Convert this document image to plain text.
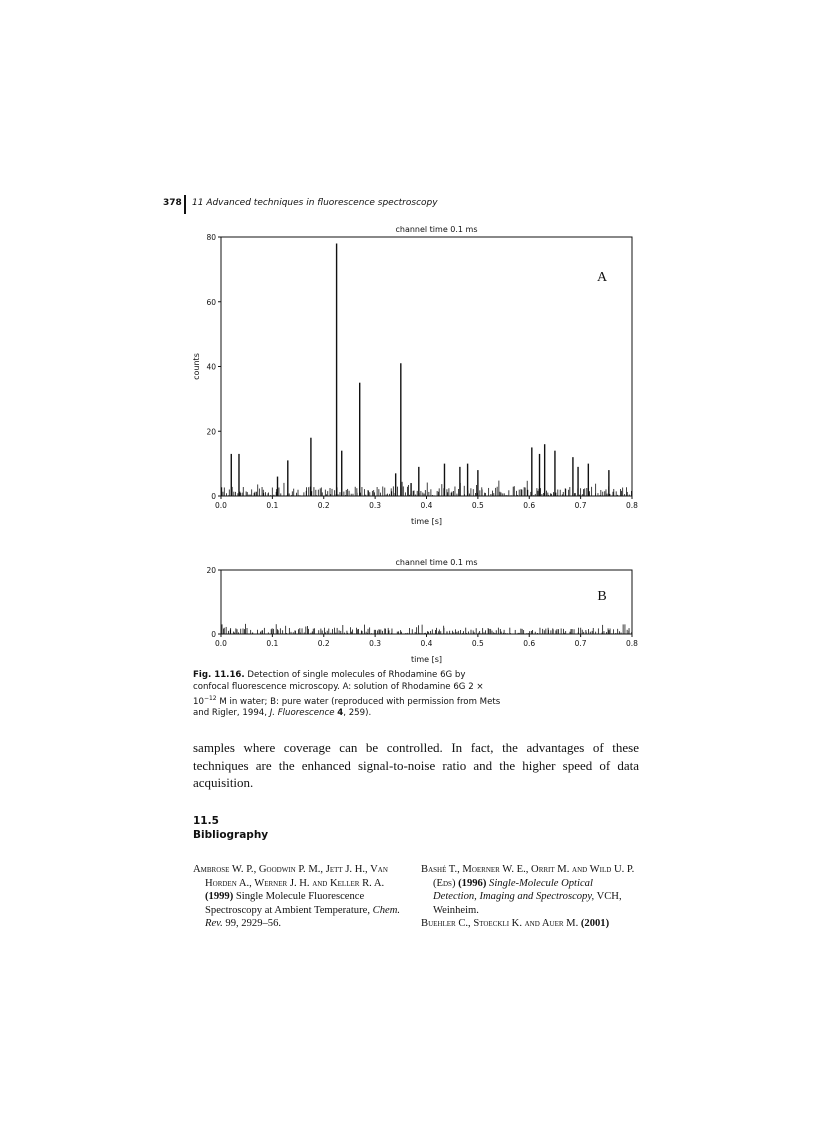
378 11 Advanced techniques in fluorescence spectroscopy
0.0	0.1	0.2	0.3	0.4	0.5	0.6	0.7	0.8
0
20
40
60
80
channel time 0.1 ms
A
time [s]
counts
0.0	0.1	0.2	0.3	0.4	0.5	0.6	0.7	0.8
0
20
channel time 0.1 ms
B
time [s]
Fig. 11.16. Detection of single molecules of Rhodamine 6G by confocal fluorescence microscopy. A: solution of Rhodamine 6G $2 \times 10^{-12}$ M in water; B: pure water (reproduced with permission from Mets and Rigler, 1994, J. Fluorescence 4, 259).
samples where coverage can be controlled. In fact, the advantages of these techniques are the enhanced signal-to-noise ratio and the higher speed of data acquisition.
11.5
Bibliography

Ambrose W. P., Goodwin P. M., Jett J. H., Van Horden A., Werner J. H. and Keller R. A. (1999) Single Molecule Fluorescence Spectroscopy at Ambient Temperature, Chem. Rev. 99, 2929–56.

Bashé T., Moerner W. E., Orrit M. and Wild U. P. (Eds) (1996) Single-Molecule Optical Detection, Imaging and Spectroscopy, VCH, Weinheim.

Buehler C., Stoeckli K. and Auer M. (2001)
